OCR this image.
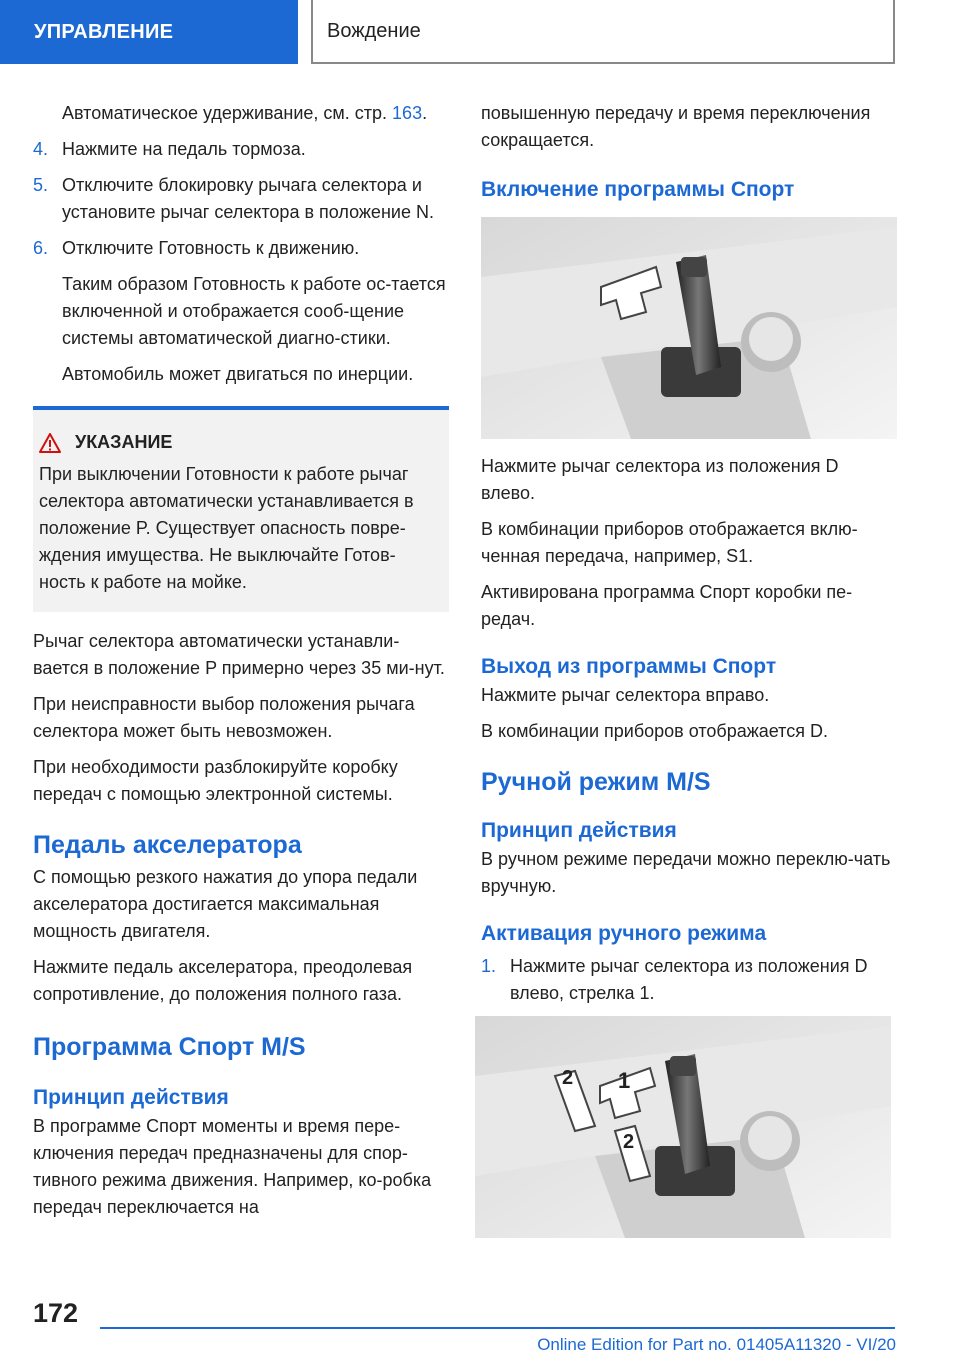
УПРАВЛЕНИЕ	Вождение

Автоматическое удерживание, см. стр. 163.

4. Нажмите на педаль тормоза.
5. Отключите блокировку рычага селектора и установите рычаг селектора в положение N.
6. Отключите Готовность к движению.

Таким образом Готовность к работе ос-тается включенной и отображается сооб-щение системы автоматической диагно-стики.

Автомобиль может двигаться по инерции.

УКАЗАНИЕ

При выключении Готовности к работе рычаг селектора автоматически устанавливается в положение P. Существует опасность повре-ждения имущества. Не выключайте Готов-ность к работе на мойке.

Рычаг селектора автоматически устанавли-вается в положение P примерно через 35 ми-нут.

При неисправности выбор положения рычага селектора может быть невозможен.

При необходимости разблокируйте коробку передач с помощью электронной системы.

Педаль акселератора

С помощью резкого нажатия до упора педали акселератора достигается максимальная мощность двигателя.

Нажмите педаль акселератора, преодолевая сопротивление, до положения полного газа.

Программа Спорт M/S
Принцип действия

В программе Спорт моменты и время пере-ключения передач предназначены для спор-тивного режима движения. Например, ко-робка передач переключается на

повышенную передачу и время переключения сокращается.

Включение программы Спорт

Нажмите рычаг селектора из положения D влево.

В комбинации приборов отображается вклю-ченная передача, например, S1.

Активирована программа Спорт коробки пе-редач.

Выход из программы Спорт

Нажмите рычаг селектора вправо.

В комбинации приборов отображается D.

Ручной режим M/S
Принцип действия

В ручном режиме передачи можно переклю-чать вручную.

Активация ручного режима
1. Нажмите рычаг селектора из положения D влево, стрелка 1.
1
2
2
172
Online Edition for Part no. 01405A11320 - VI/20
